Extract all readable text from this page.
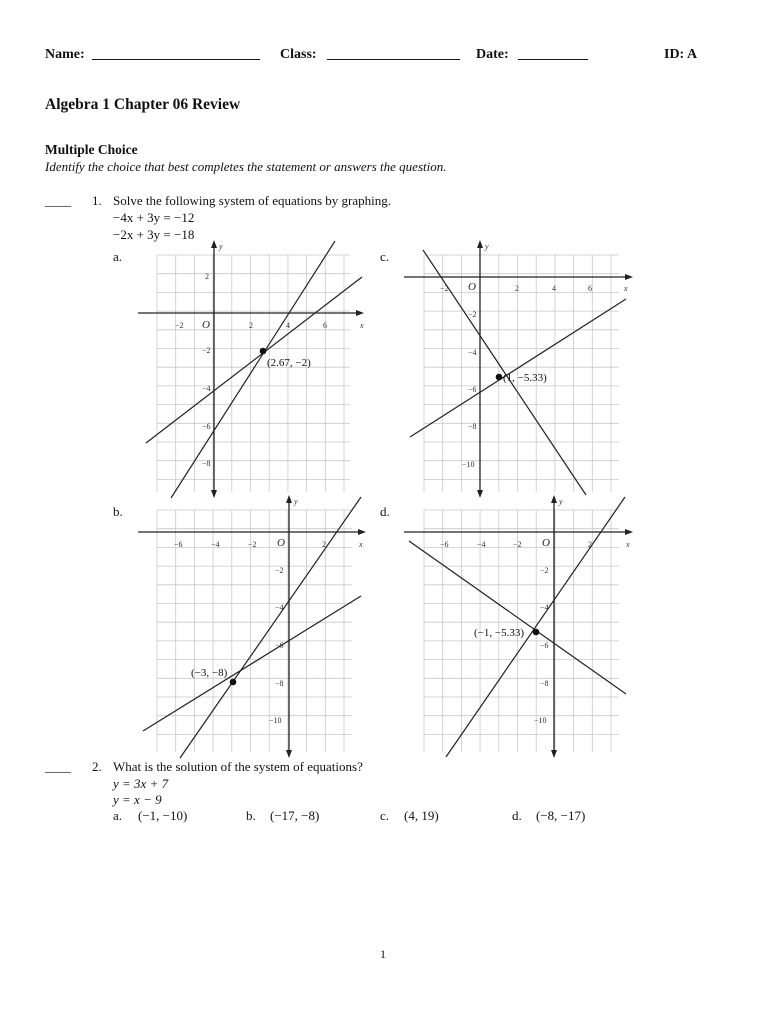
Name: ________________________ Class: ___________________ Date: __________	ID: A
Algebra 1 Chapter 06 Review
Multiple Choice
Identify the choice that best completes the statement or answers the question.
____ 1. Solve the following system of equations by graphing.
−4x + 3y = −12
−2x + 3y = −18
a.	c.
b.	d.
x
y
O
−2	2	4	6
2
−2
−4
−6
−8
(2.67, −2)
x
y
O
−2	2	4	6
−2
−4
−6
−8
−10
(1, −5.33)
x
y
O
−6	−4	−2	2
−2
−4
−6
−8
−10
(−3, −8)
x
y
O
−6	−4	−2	2
−2
−4
−6
−8
−10
(−1, −5.33)
____ 2. What is the solution of the system of equations?
y = 3x + 7
y = x − 9
a. (−1, −10)	b. (−17, −8)	c. (4, 19)	d. (−8, −17)
1
